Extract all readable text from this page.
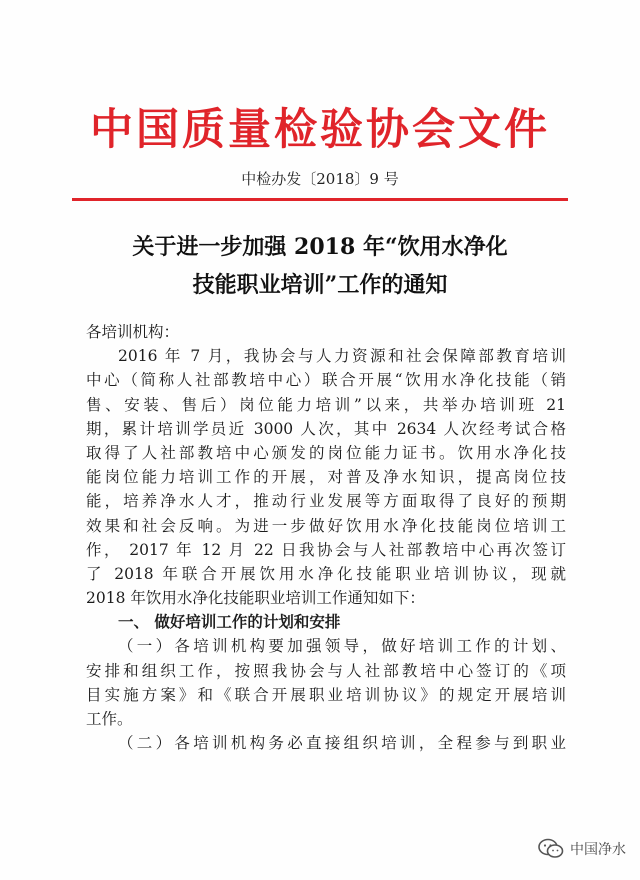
中国质量检验协会文件
中检办发〔2018〕9 号
关于进一步加强 2018 年“饮用水净化
技能职业培训”工作的通知
各培训机构：
2016 年 7 月，我协会与人力资源和社会保障部教育培训
中心（简称人社部教培中心）联合开展“饮用水净化技能（销
售、安装、售后）岗位能力培训”以来，共举办培训班 21
期，累计培训学员近 3000 人次，其中 2634 人次经考试合格
取得了人社部教培中心颁发的岗位能力证书。饮用水净化技
能岗位能力培训工作的开展，对普及净水知识，提高岗位技
能，培养净水人才，推动行业发展等方面取得了良好的预期
效果和社会反响。为进一步做好饮用水净化技能岗位培训工
作， 2017 年 12 月 22 日我协会与人社部教培中心再次签订
了 2018 年联合开展饮用水净化技能职业培训协议，现就
2018 年饮用水净化技能职业培训工作通知如下：
一、 做好培训工作的计划和安排
（一）各培训机构要加强领导，做好培训工作的计划、
安排和组织工作，按照我协会与人社部教培中心签订的《项
目实施方案》和《联合开展职业培训协议》的规定开展培训
工作。
（二）各培训机构务必直接组织培训，全程参与到职业
中国净水
